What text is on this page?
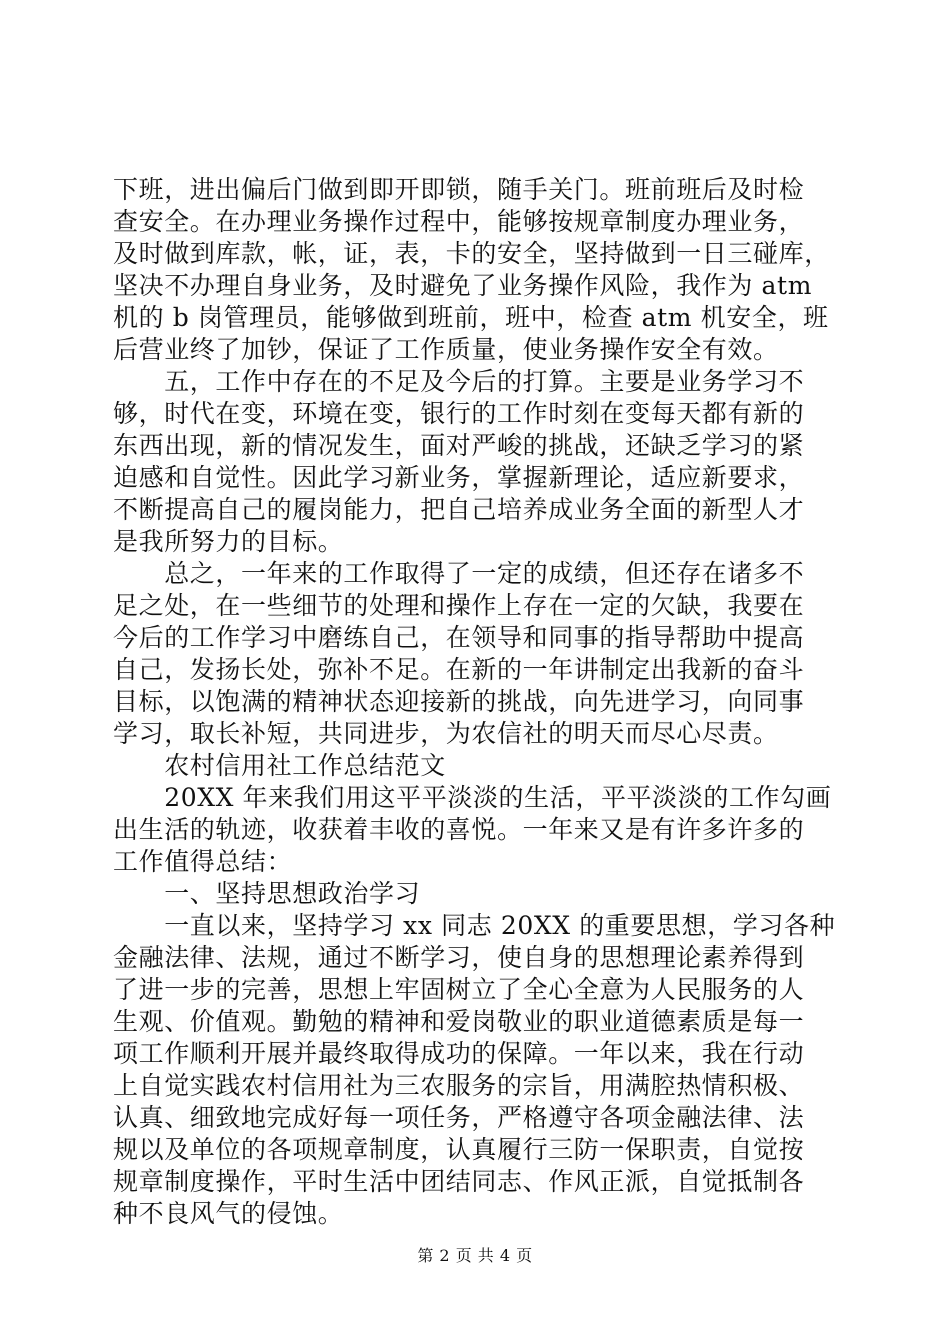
下班，进出偏后门做到即开即锁，随手关门。班前班后及时检
查安全。在办理业务操作过程中，能够按规章制度办理业务，
及时做到库款，帐，证，表，卡的安全，坚持做到一日三碰库，
坚决不办理自身业务，及时避免了业务操作风险，我作为 atm
机的 b 岗管理员，能够做到班前，班中，检查 atm 机安全，班
后营业终了加钞，保证了工作质量，使业务操作安全有效。
　　五，工作中存在的不足及今后的打算。主要是业务学习不
够，时代在变，环境在变，银行的工作时刻在变每天都有新的
东西出现，新的情况发生，面对严峻的挑战，还缺乏学习的紧
迫感和自觉性。因此学习新业务，掌握新理论，适应新要求，
不断提高自己的履岗能力，把自己培养成业务全面的新型人才
是我所努力的目标。
　　总之，一年来的工作取得了一定的成绩，但还存在诸多不
足之处，在一些细节的处理和操作上存在一定的欠缺，我要在
今后的工作学习中磨练自己，在领导和同事的指导帮助中提高
自己，发扬长处，弥补不足。在新的一年讲制定出我新的奋斗
目标，以饱满的精神状态迎接新的挑战，向先进学习，向同事
学习，取长补短，共同进步，为农信社的明天而尽心尽责。
　　农村信用社工作总结范文
　　20XX 年来我们用这平平淡淡的生活，平平淡淡的工作勾画
出生活的轨迹，收获着丰收的喜悦。一年来又是有许多许多的
工作值得总结：
　　一、坚持思想政治学习
　　一直以来，坚持学习 xx 同志 20XX 的重要思想，学习各种
金融法律、法规，通过不断学习，使自身的思想理论素养得到
了进一步的完善，思想上牢固树立了全心全意为人民服务的人
生观、价值观。勤勉的精神和爱岗敬业的职业道德素质是每一
项工作顺利开展并最终取得成功的保障。一年以来，我在行动
上自觉实践农村信用社为三农服务的宗旨，用满腔热情积极、
认真、细致地完成好每一项任务，严格遵守各项金融法律、法
规以及单位的各项规章制度，认真履行三防一保职责，自觉按
规章制度操作，平时生活中团结同志、作风正派，自觉抵制各
种不良风气的侵蚀。
第 2 页 共 4 页
